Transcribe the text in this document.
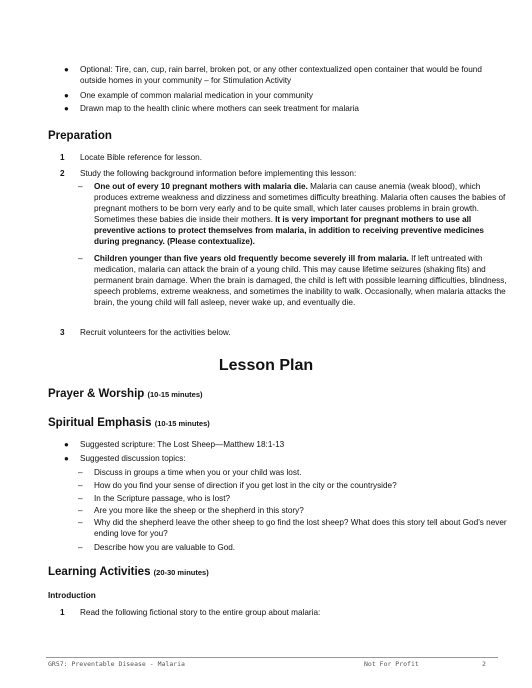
●	Optional: Tire, can, cup, rain barrel, broken pot, or any other contextualized open container that would be found outside homes in your community – for Stimulation Activity
●	One example of common malarial medication in your community
●	Drawn map to the health clinic where mothers can seek treatment for malaria
Preparation
1	Locate Bible reference for lesson.
2	Study the following background information before implementing this lesson:
–	One out of every 10 pregnant mothers with malaria die. Malaria can cause anemia (weak blood), which produces extreme weakness and dizziness and sometimes difficulty breathing. Malaria often causes the babies of pregnant mothers to be born very early and to be quite small, which later causes problems in brain growth. Sometimes these babies die inside their mothers. It is very important for pregnant mothers to use all preventive actions to protect themselves from malaria, in addition to receiving preventive medicines during pregnancy. (Please contextualize).
–	Children younger than five years old frequently become severely ill from malaria. If left untreated with medication, malaria can attack the brain of a young child. This may cause lifetime seizures (shaking fits) and permanent brain damage. When the brain is damaged, the child is left with possible learning difficulties, blindness, speech problems, extreme weakness, and sometimes the inability to walk. Occasionally, when malaria attacks the brain, the young child will fall asleep, never wake up, and eventually die.
3	Recruit volunteers for the activities below.
Lesson Plan
Prayer & Worship (10-15 minutes)
Spiritual Emphasis (10-15 minutes)
●	Suggested scripture: The Lost Sheep—Matthew 18:1-13
●	Suggested discussion topics:
–	Discuss in groups a time when you or your child was lost.
–	How do you find your sense of direction if you get lost in the city or the countryside?
–	In the Scripture passage, who is lost?
–	Are you more like the sheep or the shepherd in this story?
–	Why did the shepherd leave the other sheep to go find the lost sheep? What does this story tell about God’s never ending love for you?
–	Describe how you are valuable to God.
Learning Activities (20-30 minutes)
Introduction
1	Read the following fictional story to the entire group about malaria:
GR57: Preventable Disease - Malaria	Not For Profit	2
